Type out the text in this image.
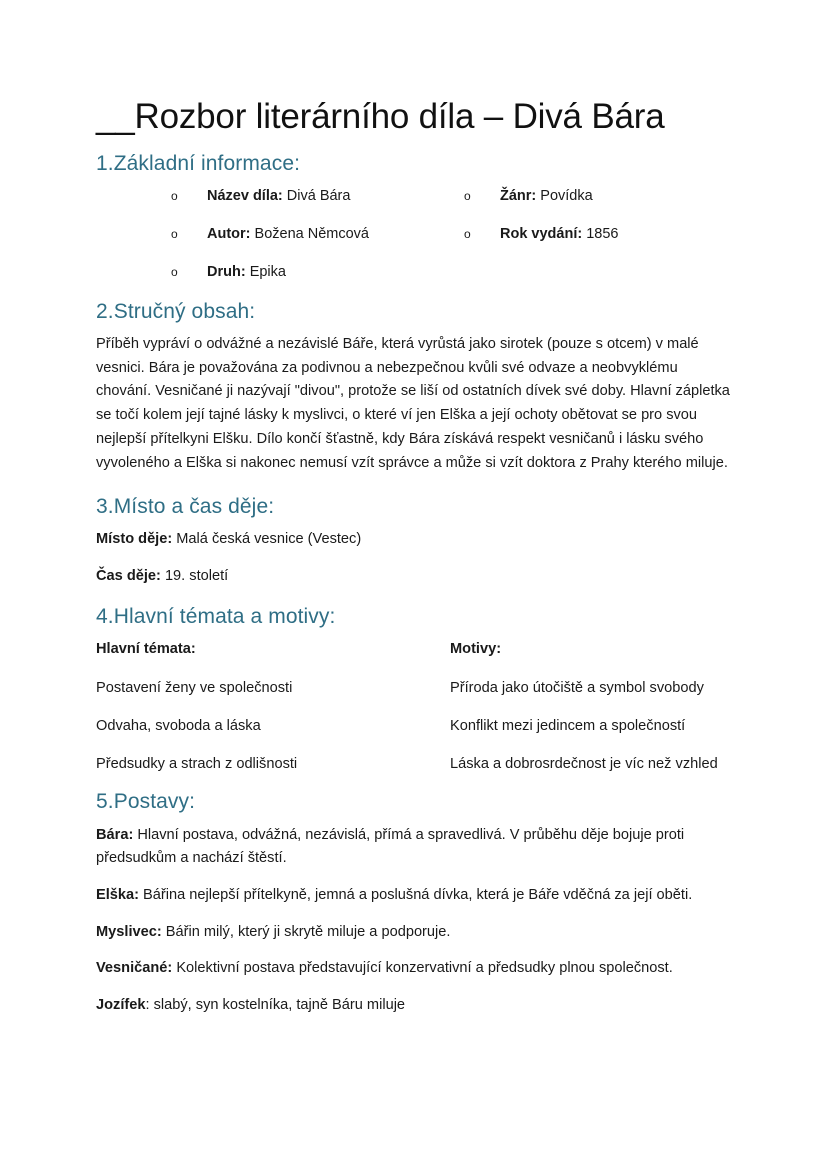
__Rozbor literárního díla – Divá Bára
1.Základní informace:
o Název díla: Divá Bára
o Autor: Božena Němcová
o Druh: Epika
o Žánr: Povídka
o Rok vydání: 1856
2.Stručný obsah:

Příběh vypráví o odvážné a nezávislé Báře, která vyrůstá jako sirotek (pouze s otcem) v malé vesnici. Bára je považována za podivnou a nebezpečnou kvůli své odvaze a neobvyklému chování. Vesničané ji nazývají "divou", protože se liší od ostatních dívek své doby. Hlavní zápletka se točí kolem její tajné lásky k myslivci, o které ví jen Elška a její ochoty obětovat se pro svou nejlepší přítelkyni Elšku. Dílo končí šťastně, kdy Bára získává respekt vesničanů i lásku svého vyvoleného a Elška si nakonec nemusí vzít správce a může si vzít doktora z Prahy kterého miluje.

3.Místo a čas děje:
Místo děje: Malá česká vesnice (Vestec)
Čas děje: 19. století
4.Hlavní témata a motivy:
Hlavní témata:	Motivy:
Postavení ženy ve společnosti	Příroda jako útočiště a symbol svobody
Odvaha, svoboda a láska	Konflikt mezi jedincem a společností
Předsudky a strach z odlišnosti	Láska a dobrosrdečnost je víc než vzhled
5.Postavy:

Bára: Hlavní postava, odvážná, nezávislá, přímá a spravedlivá. V průběhu děje bojuje proti předsudkům a nachází štěstí.

Elška: Bářina nejlepší přítelkyně, jemná a poslušná dívka, která je Báře vděčná za její oběti.

Myslivec: Bářin milý, který ji skrytě miluje a podporuje.

Vesničané: Kolektivní postava představující konzervativní a předsudky plnou společnost.

Jozífek: slabý, syn kostelníka, tajně Báru miluje
